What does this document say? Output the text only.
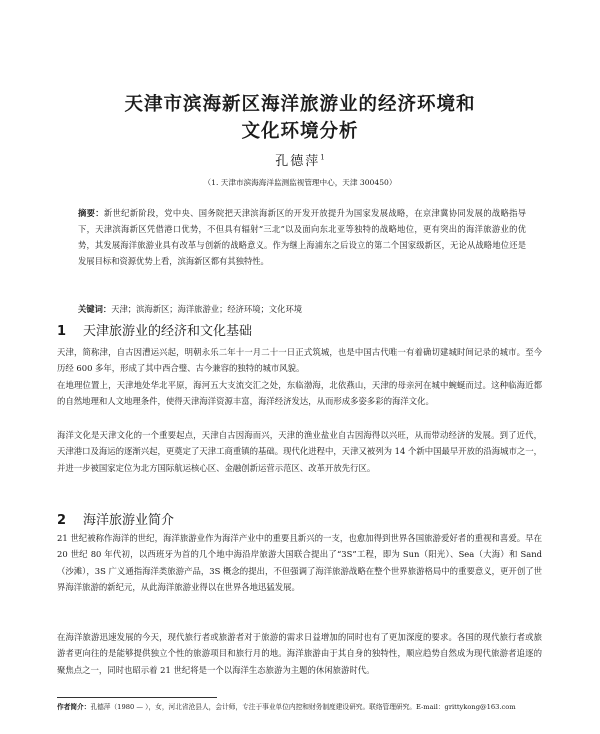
天津市滨海新区海洋旅游业的经济环境和
文化环境分析
孔德萍$^1$
（1. 天津市滨海海洋监测监视管理中心，天津 300450）
摘要：新世纪新阶段，党中央、国务院把天津滨海新区的开发开放提升为国家发展战略，在京津冀协同发展的战略指导下，天津滨海新区凭借港口优势，不但具有辐射“三北”以及面向东北亚等独特的战略地位，更有突出的海洋旅游业的优势，其发展海洋旅游业具有改革与创新的战略意义。作为继上海浦东之后设立的第二个国家级新区，无论从战略地位还是发展目标和资源优势上看，滨海新区都有其独特性。
关键词：天津；滨海新区；海洋旅游业；经济环境；文化环境
1 天津旅游业的经济和文化基础
天津，简称津，自古因漕运兴起，明朝永乐二年十一月二十一日正式筑城，也是中国古代唯一有着确切建城时间记录的城市。至今历经 600 多年，形成了其中西合璧、古今兼容的独特的城市风貌。
在地理位置上，天津地处华北平原，海河五大支流交汇之处，东临渤海，北依燕山，天津的母亲河在城中蜿蜒而过。这种临海近都的自然地理和人文地理条件，使得天津海洋资源丰富，海洋经济发达，从而形成多姿多彩的海洋文化。
海洋文化是天津文化的一个重要起点，天津自古因海而兴，天津的渔业盐业自古因海得以兴旺，从而带动经济的发展。到了近代，天津港口及海运的逐渐兴起，更奠定了天津工商重镇的基础。现代化进程中，天津又被列为 14 个新中国最早开放的沿海城市之一，并进一步被国家定位为北方国际航运核心区、金融创新运营示范区、改革开放先行区。
2 海洋旅游业简介
21 世纪被称作海洋的世纪，海洋旅游业作为海洋产业中的重要且新兴的一支，也愈加得到世界各国旅游爱好者的重视和喜爱。早在 20 世纪 80 年代初，以西班牙为首的几个地中海沿岸旅游大国联合提出了“3S”工程，即为 Sun（阳光）、Sea（大海）和 Sand（沙滩），3S 广义通指海洋类旅游产品，3S 概念的提出，不但强调了海洋旅游战略在整个世界旅游格局中的重要意义，更开创了世界海洋旅游的新纪元，从此海洋旅游业得以在世界各地迅猛发展。
在海洋旅游迅速发展的今天，现代旅行者或旅游者对于旅游的需求日益增加的同时也有了更加深度的要求。各国的现代旅行者或旅游者更向往的是能够提供独立个性的旅游项目和旅行月的地。海洋旅游由于其自身的独特性，顺应趋势自然成为现代旅游者追逐的聚焦点之一，同时也昭示着 21 世纪将是一个以海洋生态旅游为主题的休闲旅游时代。
作者简介：孔德萍（1980 — ），女，河北省沧县人，会计师，专注于事业单位内控和财务制度建设研究。联络管理研究。E-mail：grittykong@163.com
